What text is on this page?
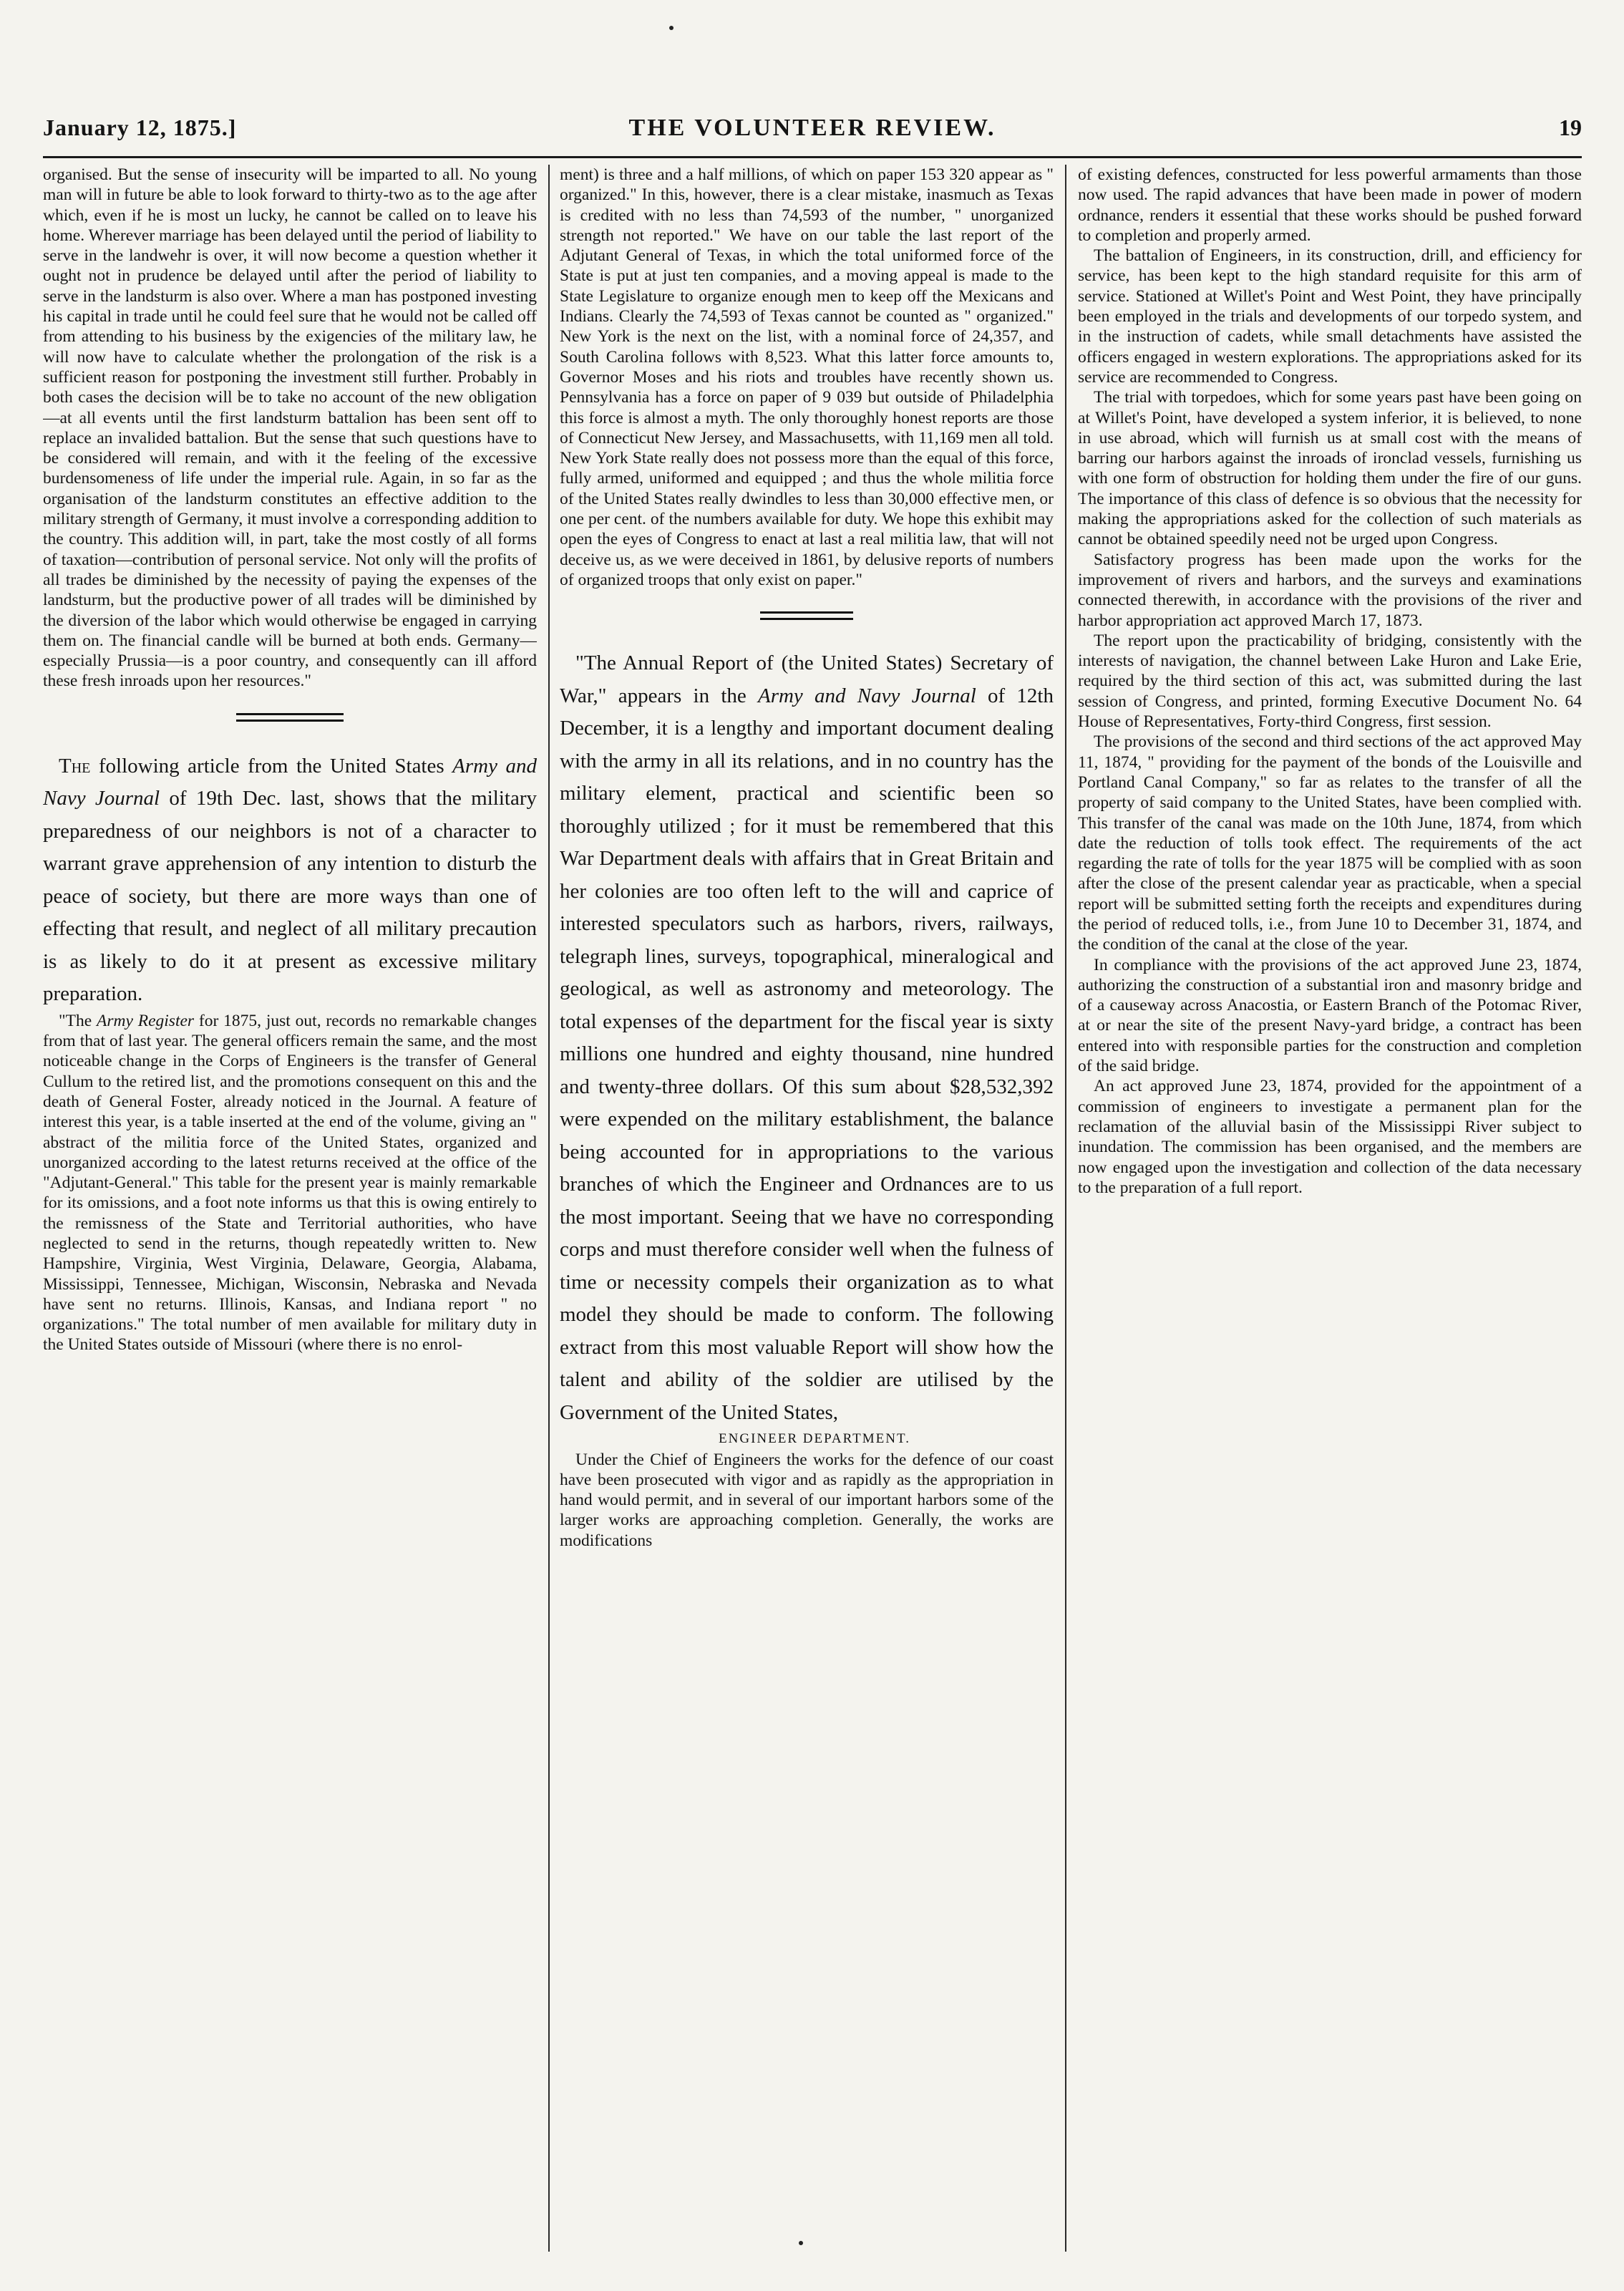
January 12, 1875.]	THE VOLUNTEER REVIEW.	19

organised. But the sense of insecurity will be imparted to all. No young man will in future be able to look forward to thirty-two as to the age after which, even if he is most un lucky, he cannot be called on to leave his home. Wherever marriage has been delayed until the period of liability to serve in the landwehr is over, it will now become a question whether it ought not in prudence be delayed until after the period of liability to serve in the landsturm is also over. Where a man has postponed investing his capital in trade until he could feel sure that he would not be called off from attending to his business by the exigencies of the military law, he will now have to calculate whether the prolongation of the risk is a sufficient reason for postponing the investment still further. Probably in both cases the decision will be to take no account of the new obligation—at all events until the first landsturm battalion has been sent off to replace an invalided battalion. But the sense that such questions have to be considered will remain, and with it the feeling of the excessive burdensomeness of life under the imperial rule. Again, in so far as the organisation of the landsturm constitutes an effective addition to the military strength of Germany, it must involve a corresponding addition to the country. This addition will, in part, take the most costly of all forms of taxation—contribution of personal service. Not only will the profits of all trades be diminished by the necessity of paying the expenses of the landsturm, but the productive power of all trades will be diminished by the diversion of the labor which would otherwise be engaged in carrying them on. The financial candle will be burned at both ends. Germany—especially Prussia—is a poor country, and consequently can ill afford these fresh inroads upon her resources."

The following article from the United States Army and Navy Journal of 19th Dec. last, shows that the military preparedness of our neighbors is not of a character to warrant grave apprehension of any intention to disturb the peace of society, but there are more ways than one of effecting that result, and neglect of all military precaution is as likely to do it at present as excessive military preparation.

"The Army Register for 1875, just out, records no remarkable changes from that of last year. The general officers remain the same, and the most noticeable change in the Corps of Engineers is the transfer of General Cullum to the retired list, and the promotions consequent on this and the death of General Foster, already noticed in the Journal. A feature of interest this year, is a table inserted at the end of the volume, giving an " abstract of the militia force of the United States, organized and unorganized according to the latest returns received at the office of the "Adjutant-General." This table for the present year is mainly remarkable for its omissions, and a foot note informs us that this is owing entirely to the remissness of the State and Territorial authorities, who have neglected to send in the returns, though repeatedly written to. New Hampshire, Virginia, West Virginia, Delaware, Georgia, Alabama, Mississippi, Tennessee, Michigan, Wisconsin, Nebraska and Nevada have sent no returns. Illinois, Kansas, and Indiana report " no organizations." The total number of men available for military duty in the United States outside of Missouri (where there is no enrol-

ment) is three and a half millions, of which on paper 153 320 appear as " organized." In this, however, there is a clear mistake, inasmuch as Texas is credited with no less than 74,593 of the number, " unorganized strength not reported." We have on our table the last report of the Adjutant General of Texas, in which the total uniformed force of the State is put at just ten companies, and a moving appeal is made to the State Legislature to organize enough men to keep off the Mexicans and Indians. Clearly the 74,593 of Texas cannot be counted as " organized." New York is the next on the list, with a nominal force of 24,357, and South Carolina follows with 8,523. What this latter force amounts to, Governor Moses and his riots and troubles have recently shown us. Pennsylvania has a force on paper of 9 039 but outside of Philadelphia this force is almost a myth. The only thoroughly honest reports are those of Connecticut New Jersey, and Massachusetts, with 11,169 men all told. New York State really does not possess more than the equal of this force, fully armed, uniformed and equipped ; and thus the whole militia force of the United States really dwindles to less than 30,000 effective men, or one per cent. of the numbers available for duty. We hope this exhibit may open the eyes of Congress to enact at last a real militia law, that will not deceive us, as we were deceived in 1861, by delusive reports of numbers of organized troops that only exist on paper."

"The Annual Report of (the United States) Secretary of War," appears in the Army and Navy Journal of 12th December, it is a lengthy and important document dealing with the army in all its relations, and in no country has the military element, practical and scientific been so thoroughly utilized ; for it must be remembered that this War Department deals with affairs that in Great Britain and her colonies are too often left to the will and caprice of interested speculators such as harbors, rivers, railways, telegraph lines, surveys, topographical, mineralogical and geological, as well as astronomy and meteorology. The total expenses of the department for the fiscal year is sixty millions one hundred and eighty thousand, nine hundred and twenty-three dollars. Of this sum about $28,532,392 were expended on the military establishment, the balance being accounted for in appropriations to the various branches of which the Engineer and Ordnances are to us the most important. Seeing that we have no corresponding corps and must therefore consider well when the fulness of time or necessity compels their organization as to what model they should be made to conform. The following extract from this most valuable Report will show how the talent and ability of the soldier are utilised by the Government of the United States,

ENGINEER DEPARTMENT.

Under the Chief of Engineers the works for the defence of our coast have been prosecuted with vigor and as rapidly as the appropriation in hand would permit, and in several of our important harbors some of the larger works are approaching completion. Generally, the works are modifications

of existing defences, constructed for less powerful armaments than those now used. The rapid advances that have been made in power of modern ordnance, renders it essential that these works should be pushed forward to completion and properly armed.

The battalion of Engineers, in its construction, drill, and efficiency for service, has been kept to the high standard requisite for this arm of service. Stationed at Willet's Point and West Point, they have principally been employed in the trials and developments of our torpedo system, and in the instruction of cadets, while small detachments have assisted the officers engaged in western explorations. The appropriations asked for its service are recommended to Congress.

The trial with torpedoes, which for some years past have been going on at Willet's Point, have developed a system inferior, it is believed, to none in use abroad, which will furnish us at small cost with the means of barring our harbors against the inroads of ironclad vessels, furnishing us with one form of obstruction for holding them under the fire of our guns. The importance of this class of defence is so obvious that the necessity for making the appropriations asked for the collection of such materials as cannot be obtained speedily need not be urged upon Congress.

Satisfactory progress has been made upon the works for the improvement of rivers and harbors, and the surveys and examinations connected therewith, in accordance with the provisions of the river and harbor appropriation act approved March 17, 1873.

The report upon the practicability of bridging, consistently with the interests of navigation, the channel between Lake Huron and Lake Erie, required by the third section of this act, was submitted during the last session of Congress, and printed, forming Executive Document No. 64 House of Representatives, Forty-third Congress, first session.

The provisions of the second and third sections of the act approved May 11, 1874, " providing for the payment of the bonds of the Louisville and Portland Canal Company," so far as relates to the transfer of all the property of said company to the United States, have been complied with. This transfer of the canal was made on the 10th June, 1874, from which date the reduction of tolls took effect. The requirements of the act regarding the rate of tolls for the year 1875 will be complied with as soon after the close of the present calendar year as practicable, when a special report will be submitted setting forth the receipts and expenditures during the period of reduced tolls, i.e., from June 10 to December 31, 1874, and the condition of the canal at the close of the year.

In compliance with the provisions of the act approved June 23, 1874, authorizing the construction of a substantial iron and masonry bridge and of a causeway across Anacostia, or Eastern Branch of the Potomac River, at or near the site of the present Navy-yard bridge, a contract has been entered into with responsible parties for the construction and completion of the said bridge.

An act approved June 23, 1874, provided for the appointment of a commission of engineers to investigate a permanent plan for the reclamation of the alluvial basin of the Mississippi River subject to inundation. The commission has been organised, and the members are now engaged upon the investigation and collection of the data necessary to the preparation of a full report.
